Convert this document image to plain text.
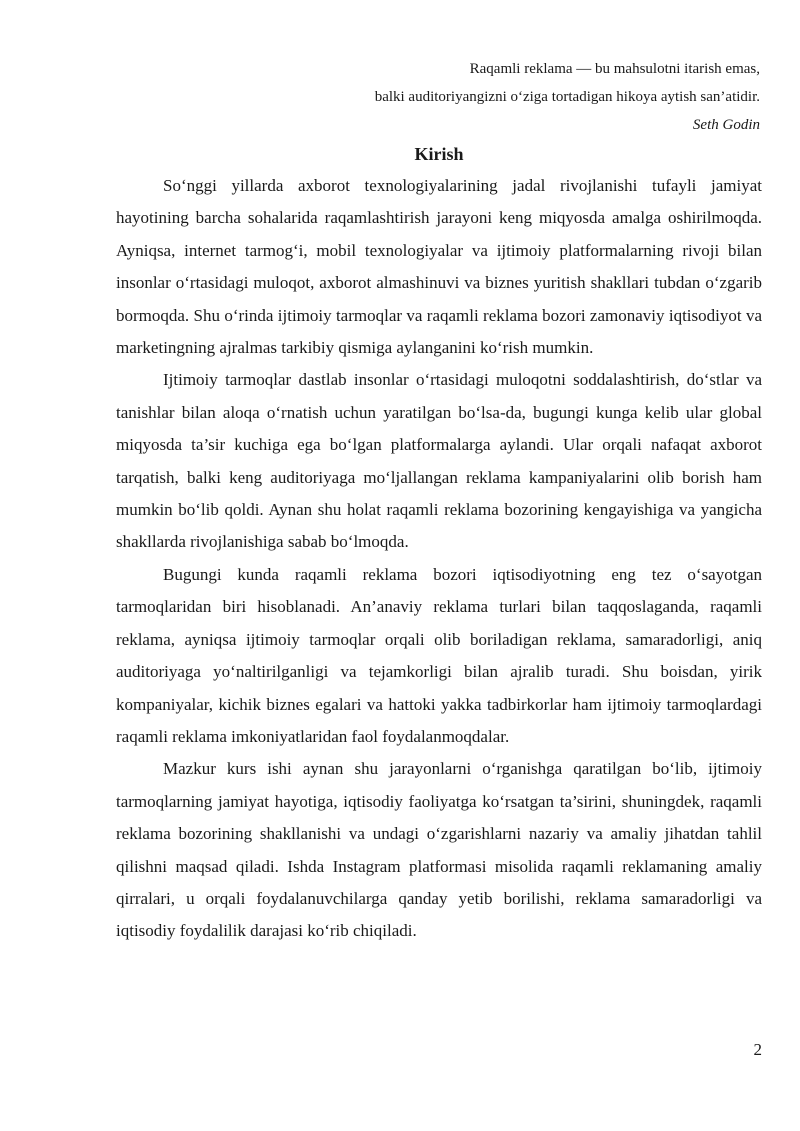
Raqamli reklama — bu mahsulotni itarish emas,
balki auditoriyangizni o‘ziga tortadigan hikoya aytish san’atidir.
Seth Godin
Kirish

So‘nggi yillarda axborot texnologiyalarining jadal rivojlanishi tufayli jamiyat hayotining barcha sohalarida raqamlashtirish jarayoni keng miqyosda amalga oshirilmoqda. Ayniqsa, internet tarmog‘i, mobil texnologiyalar va ijtimoiy platformalarning rivoji bilan insonlar o‘rtasidagi muloqot, axborot almashinuvi va biznes yuritish shakllari tubdan o‘zgarib bormoqda. Shu o‘rinda ijtimoiy tarmoqlar va raqamli reklama bozori zamonaviy iqtisodiyot va marketingning ajralmas tarkibiy qismiga aylanganini ko‘rish mumkin.

Ijtimoiy tarmoqlar dastlab insonlar o‘rtasidagi muloqotni soddalashtirish, do‘stlar va tanishlar bilan aloqa o‘rnatish uchun yaratilgan bo‘lsa-da, bugungi kunga kelib ular global miqyosda ta’sir kuchiga ega bo‘lgan platformalarga aylandi. Ular orqali nafaqat axborot tarqatish, balki keng auditoriyaga mo‘ljallangan reklama kampaniyalarini olib borish ham mumkin bo‘lib qoldi. Aynan shu holat raqamli reklama bozorining kengayishiga va yangicha shakllarda rivojlanishiga sabab bo‘lmoqda.

Bugungi kunda raqamli reklama bozori iqtisodiyotning eng tez o‘sayotgan tarmoqlaridan biri hisoblanadi. An’anaviy reklama turlari bilan taqqoslaganda, raqamli reklama, ayniqsa ijtimoiy tarmoqlar orqali olib boriladigan reklama, samaradorligi, aniq auditoriyaga yo‘naltirilganligi va tejamkorligi bilan ajralib turadi. Shu boisdan, yirik kompaniyalar, kichik biznes egalari va hattoki yakka tadbirkorlar ham ijtimoiy tarmoqlardagi raqamli reklama imkoniyatlaridan faol foydalanmoqdalar.

Mazkur kurs ishi aynan shu jarayonlarni o‘rganishga qaratilgan bo‘lib, ijtimoiy tarmoqlarning jamiyat hayotiga, iqtisodiy faoliyatga ko‘rsatgan ta’sirini, shuningdek, raqamli reklama bozorining shakllanishi va undagi o‘zgarishlarni nazariy va amaliy jihatdan tahlil qilishni maqsad qiladi. Ishda Instagram platformasi misolida raqamli reklamaning amaliy qirralari, u orqali foydalanuvchilarga qanday yetib borilishi, reklama samaradorligi va iqtisodiy foydalilik darajasi ko‘rib chiqiladi.

2
